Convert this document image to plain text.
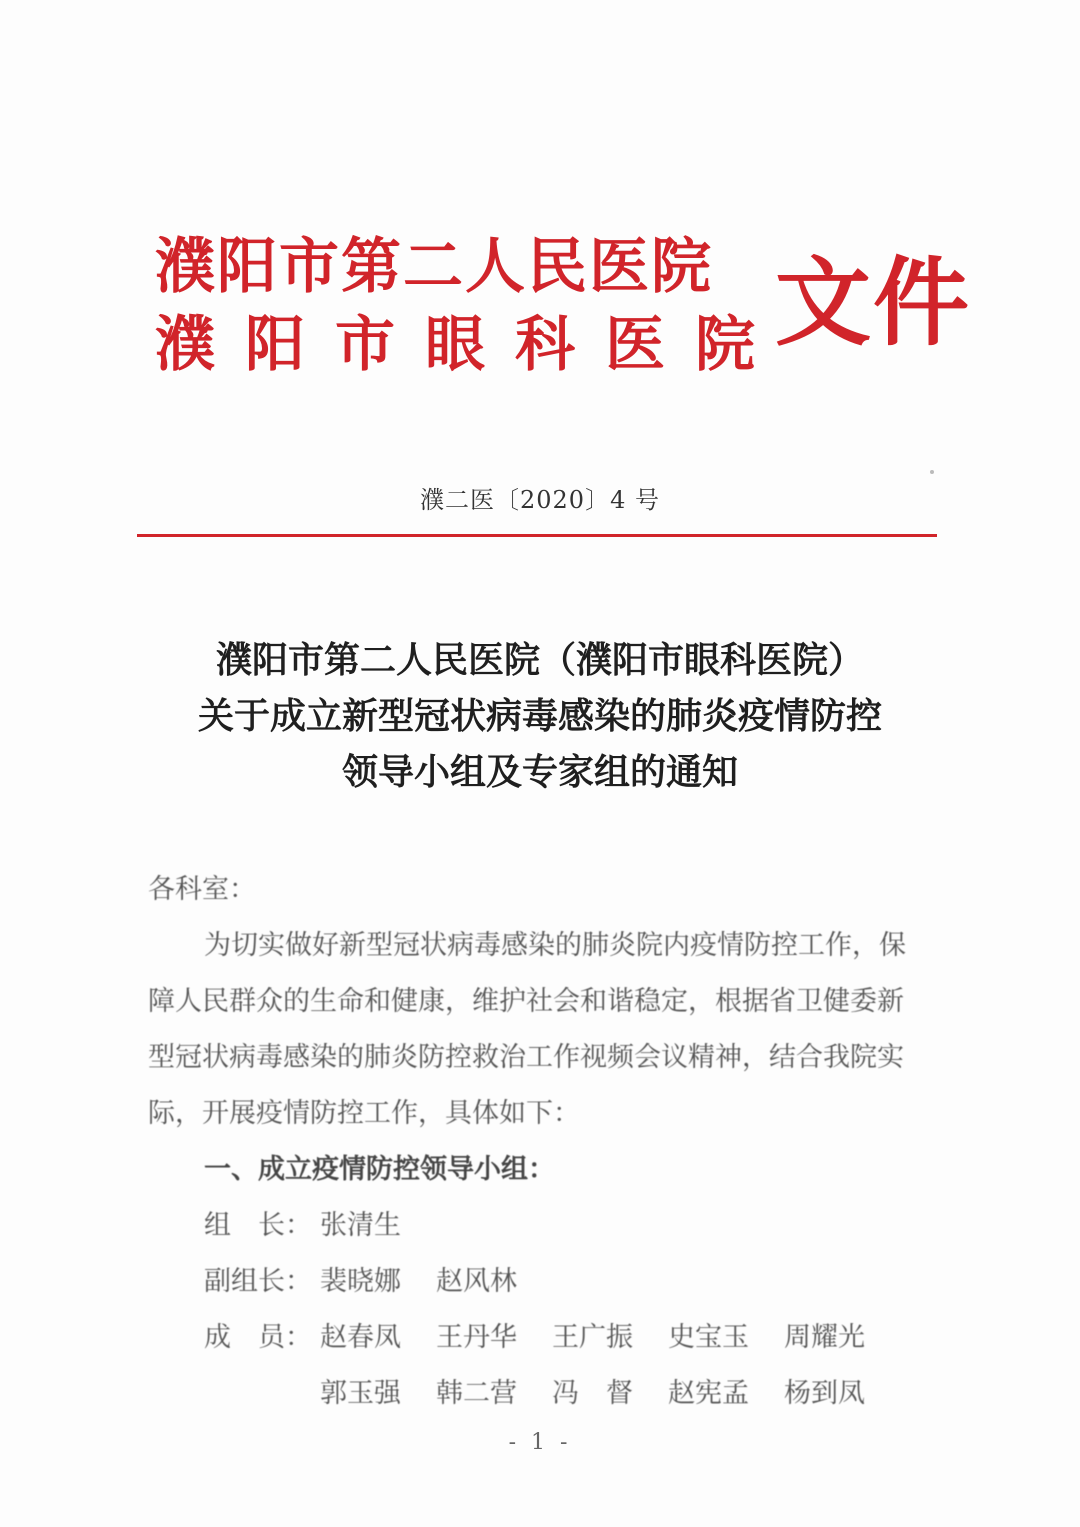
濮阳市第二人民医院
濮阳市眼科医院
文件
濮二医〔2020〕4 号
濮阳市第二人民医院（濮阳市眼科医院）
关于成立新型冠状病毒感染的肺炎疫情防控
领导小组及专家组的通知
各科室：
为切实做好新型冠状病毒感染的肺炎院内疫情防控工作，保
障人民群众的生命和健康，维护社会和谐稳定，根据省卫健委新
型冠状病毒感染的肺炎防控救治工作视频会议精神，结合我院实
际，开展疫情防控工作，具体如下：
一、成立疫情防控领导小组：
组　长： 张清生
副组长： 裴晓娜 赵风林
成　员： 赵春凤 王丹华 王广振 史宝玉 周耀光
郭玉强 韩二营 冯　督 赵宪孟 杨到凤
- 1 -
